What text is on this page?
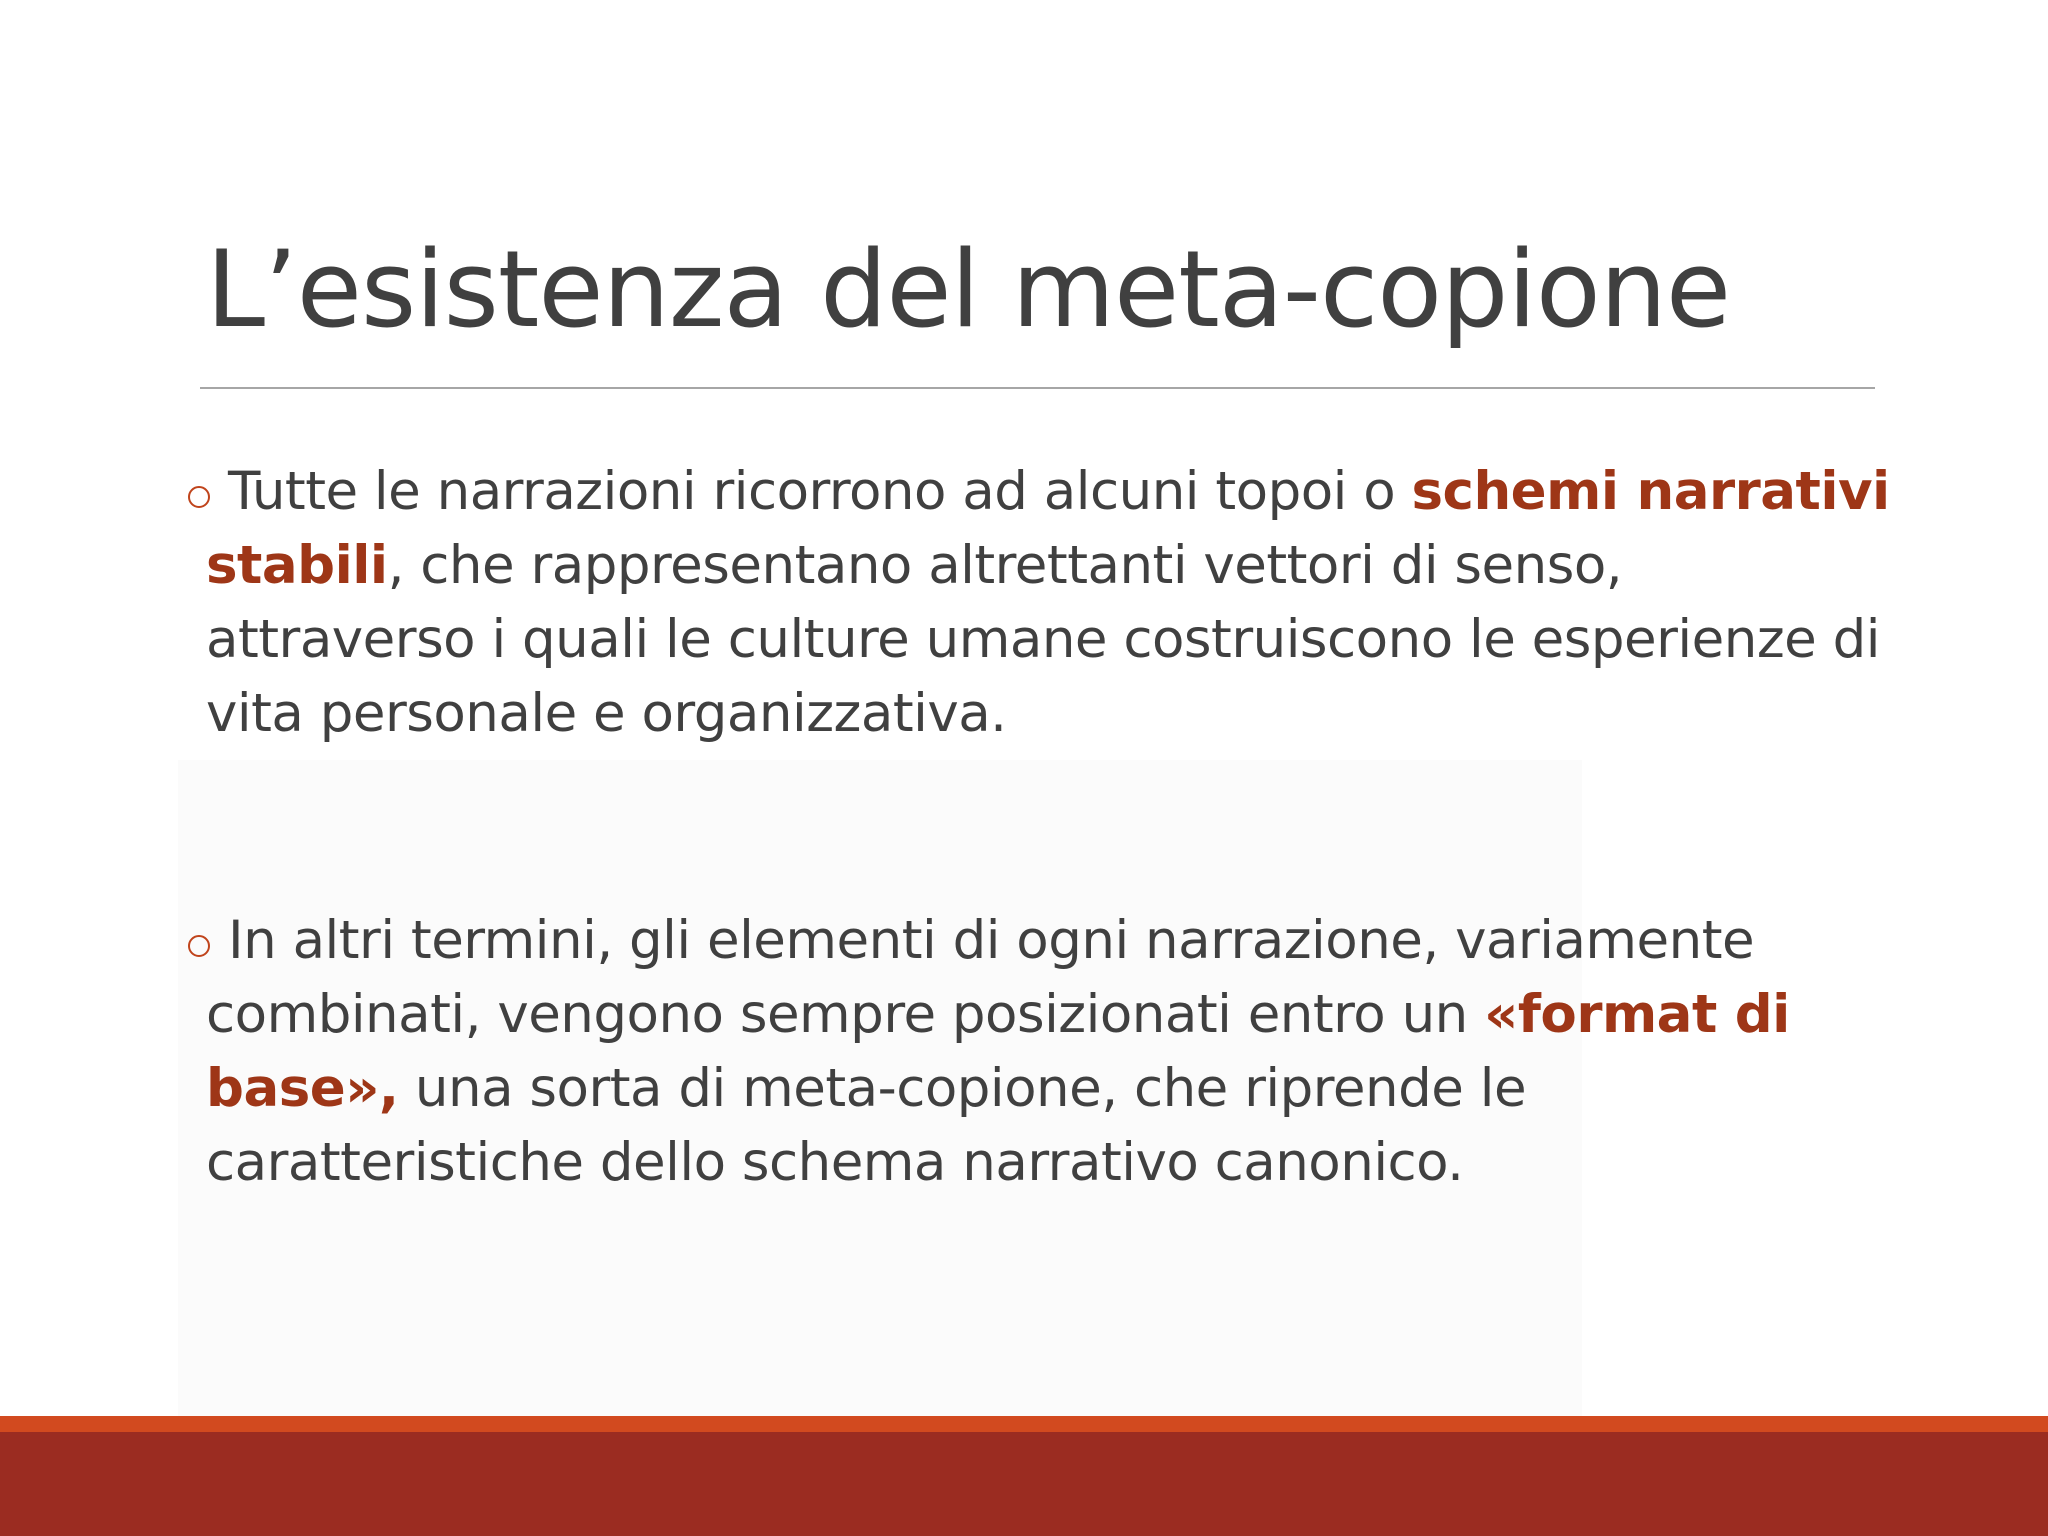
L’esistenza del meta-copione

Tutte le narrazioni ricorrono ad alcuni topoi o schemi narrativi stabili, che rappresentano altrettanti vettori di senso, attraverso i quali le culture umane costruiscono le esperienze di vita personale e organizzativa.

In altri termini, gli elementi di ogni narrazione, variamente combinati, vengono sempre posizionati entro un «format di base», una sorta di meta-copione, che riprende le caratteristiche dello schema narrativo canonico.
